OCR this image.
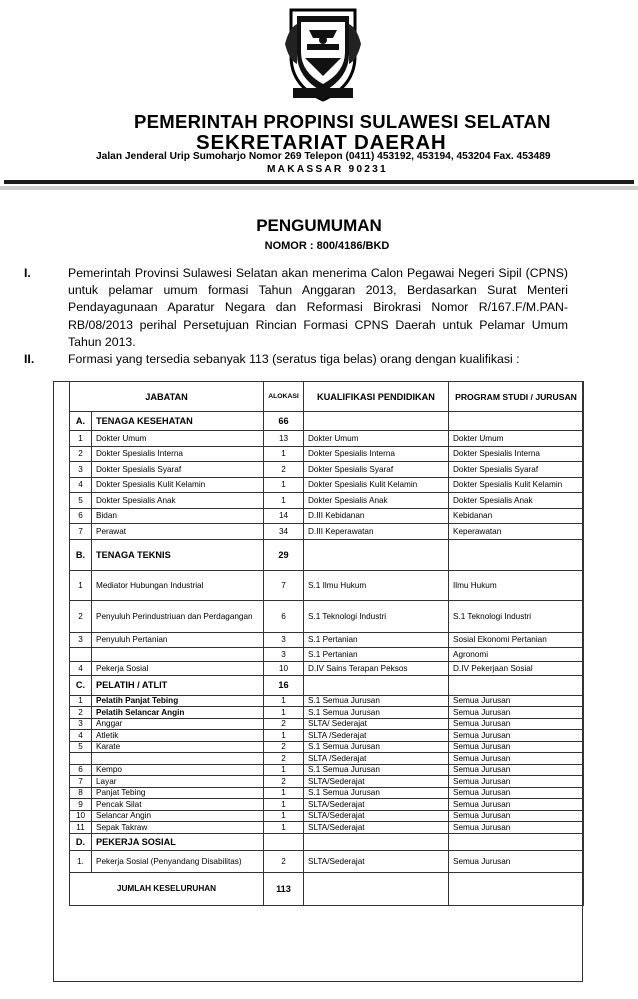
PEMERINTAH PROPINSI SULAWESI SELATAN
SEKRETARIAT DAERAH
Jalan Jenderal Urip Sumoharjo Nomor 269 Telepon (0411) 453192, 453194, 453204 Fax. 453489
MAKASSAR 90231
PENGUMUMAN
NOMOR : 800/4186/BKD
I.	Pemerintah Provinsi Sulawesi Selatan akan menerima Calon Pegawai Negeri Sipil (CPNS) untuk pelamar umum formasi Tahun Anggaran 2013, Berdasarkan Surat Menteri Pendayagunaan Aparatur Negara dan Reformasi Birokrasi Nomor R/167.F/M.PAN-RB/08/2013 perihal Persetujuan Rincian Formasi CPNS Daerah untuk Pelamar Umum Tahun 2013.
II.	Formasi yang tersedia sebanyak 113 (seratus tiga belas) orang dengan kualifikasi :
JABATAN		ALOKASI	KUALIFIKASI PENDIDIKAN	PROGRAM STUDI / JURUSAN
A.	TENAGA KESEHATAN	66		
1	Dokter Umum	13	Dokter Umum	Dokter Umum
2	Dokter Spesialis Interna	1	Dokter Spesialis Interna	Dokter Spesialis Interna
3	Dokter Spesialis Syaraf	2	Dokter Spesialis Syaraf	Dokter Spesialis Syaraf
4	Dokter Spesialis Kulit Kelamin	1	Dokter Spesialis Kulit Kelamin	Dokter Spesialis Kulit Kelamin
5	Dokter Spesialis Anak	1	Dokter Spesialis Anak	Dokter Spesialis Anak
6	Bidan	14	D.III Kebidanan	Kebidanan
7	Perawat	34	D.III Keperawatan	Keperawatan
B.	TENAGA TEKNIS	29		
1	Mediator Hubungan Industrial	7	S.1 Ilmu Hukum	Ilmu Hukum
2	Penyuluh Perindustriuan dan Perdagangan	6	S.1 Teknologi Industri	S.1 Teknologi Industri
3	Penyuluh Pertanian	3	S.1 Pertanian	Sosial Ekonomi Pertanian
		3	S.1 Pertanian	Agronomi
4	Pekerja Sosial	10	D.IV Sains Terapan Peksos	D.IV Pekerjaan Sosial
C.	PELATIH / ATLIT	16		
1	Pelatih Panjat Tebing	1	S.1 Semua Jurusan	Semua Jurusan
2	Pelatih Selancar Angin	1	S.1 Semua Jurusan	Semua Jurusan
3	Anggar	2	SLTA/ Sederajat	Semua Jurusan
4	Atletik	1	SLTA /Sederajat	Semua Jurusan
5	Karate	2	S.1 Semua Jurusan	Semua Jurusan
		2	SLTA /Sederajat	Semua Jurusan
6	Kempo	1	S.1 Semua Jurusan	Semua Jurusan
7	Layar	2	SLTA/Sederajat	Semua Jurusan
8	Panjat Tebing	1	S.1 Semua Jurusan	Semua Jurusan
9	Pencak Silat	1	SLTA/Sederajat	Semua Jurusan
10	Selancar Angin	1	SLTA/Sederajat	Semua Jurusan
11	Sepak Takraw	1	SLTA/Sederajat	Semua Jurusan
D.	PEKERJA SOSIAL			
1.	Pekerja Sosial (Penyandang Disabilitas)	2	SLTA/Sederajat	Semua Jurusan
JUMLAH KESELURUHAN		113		
